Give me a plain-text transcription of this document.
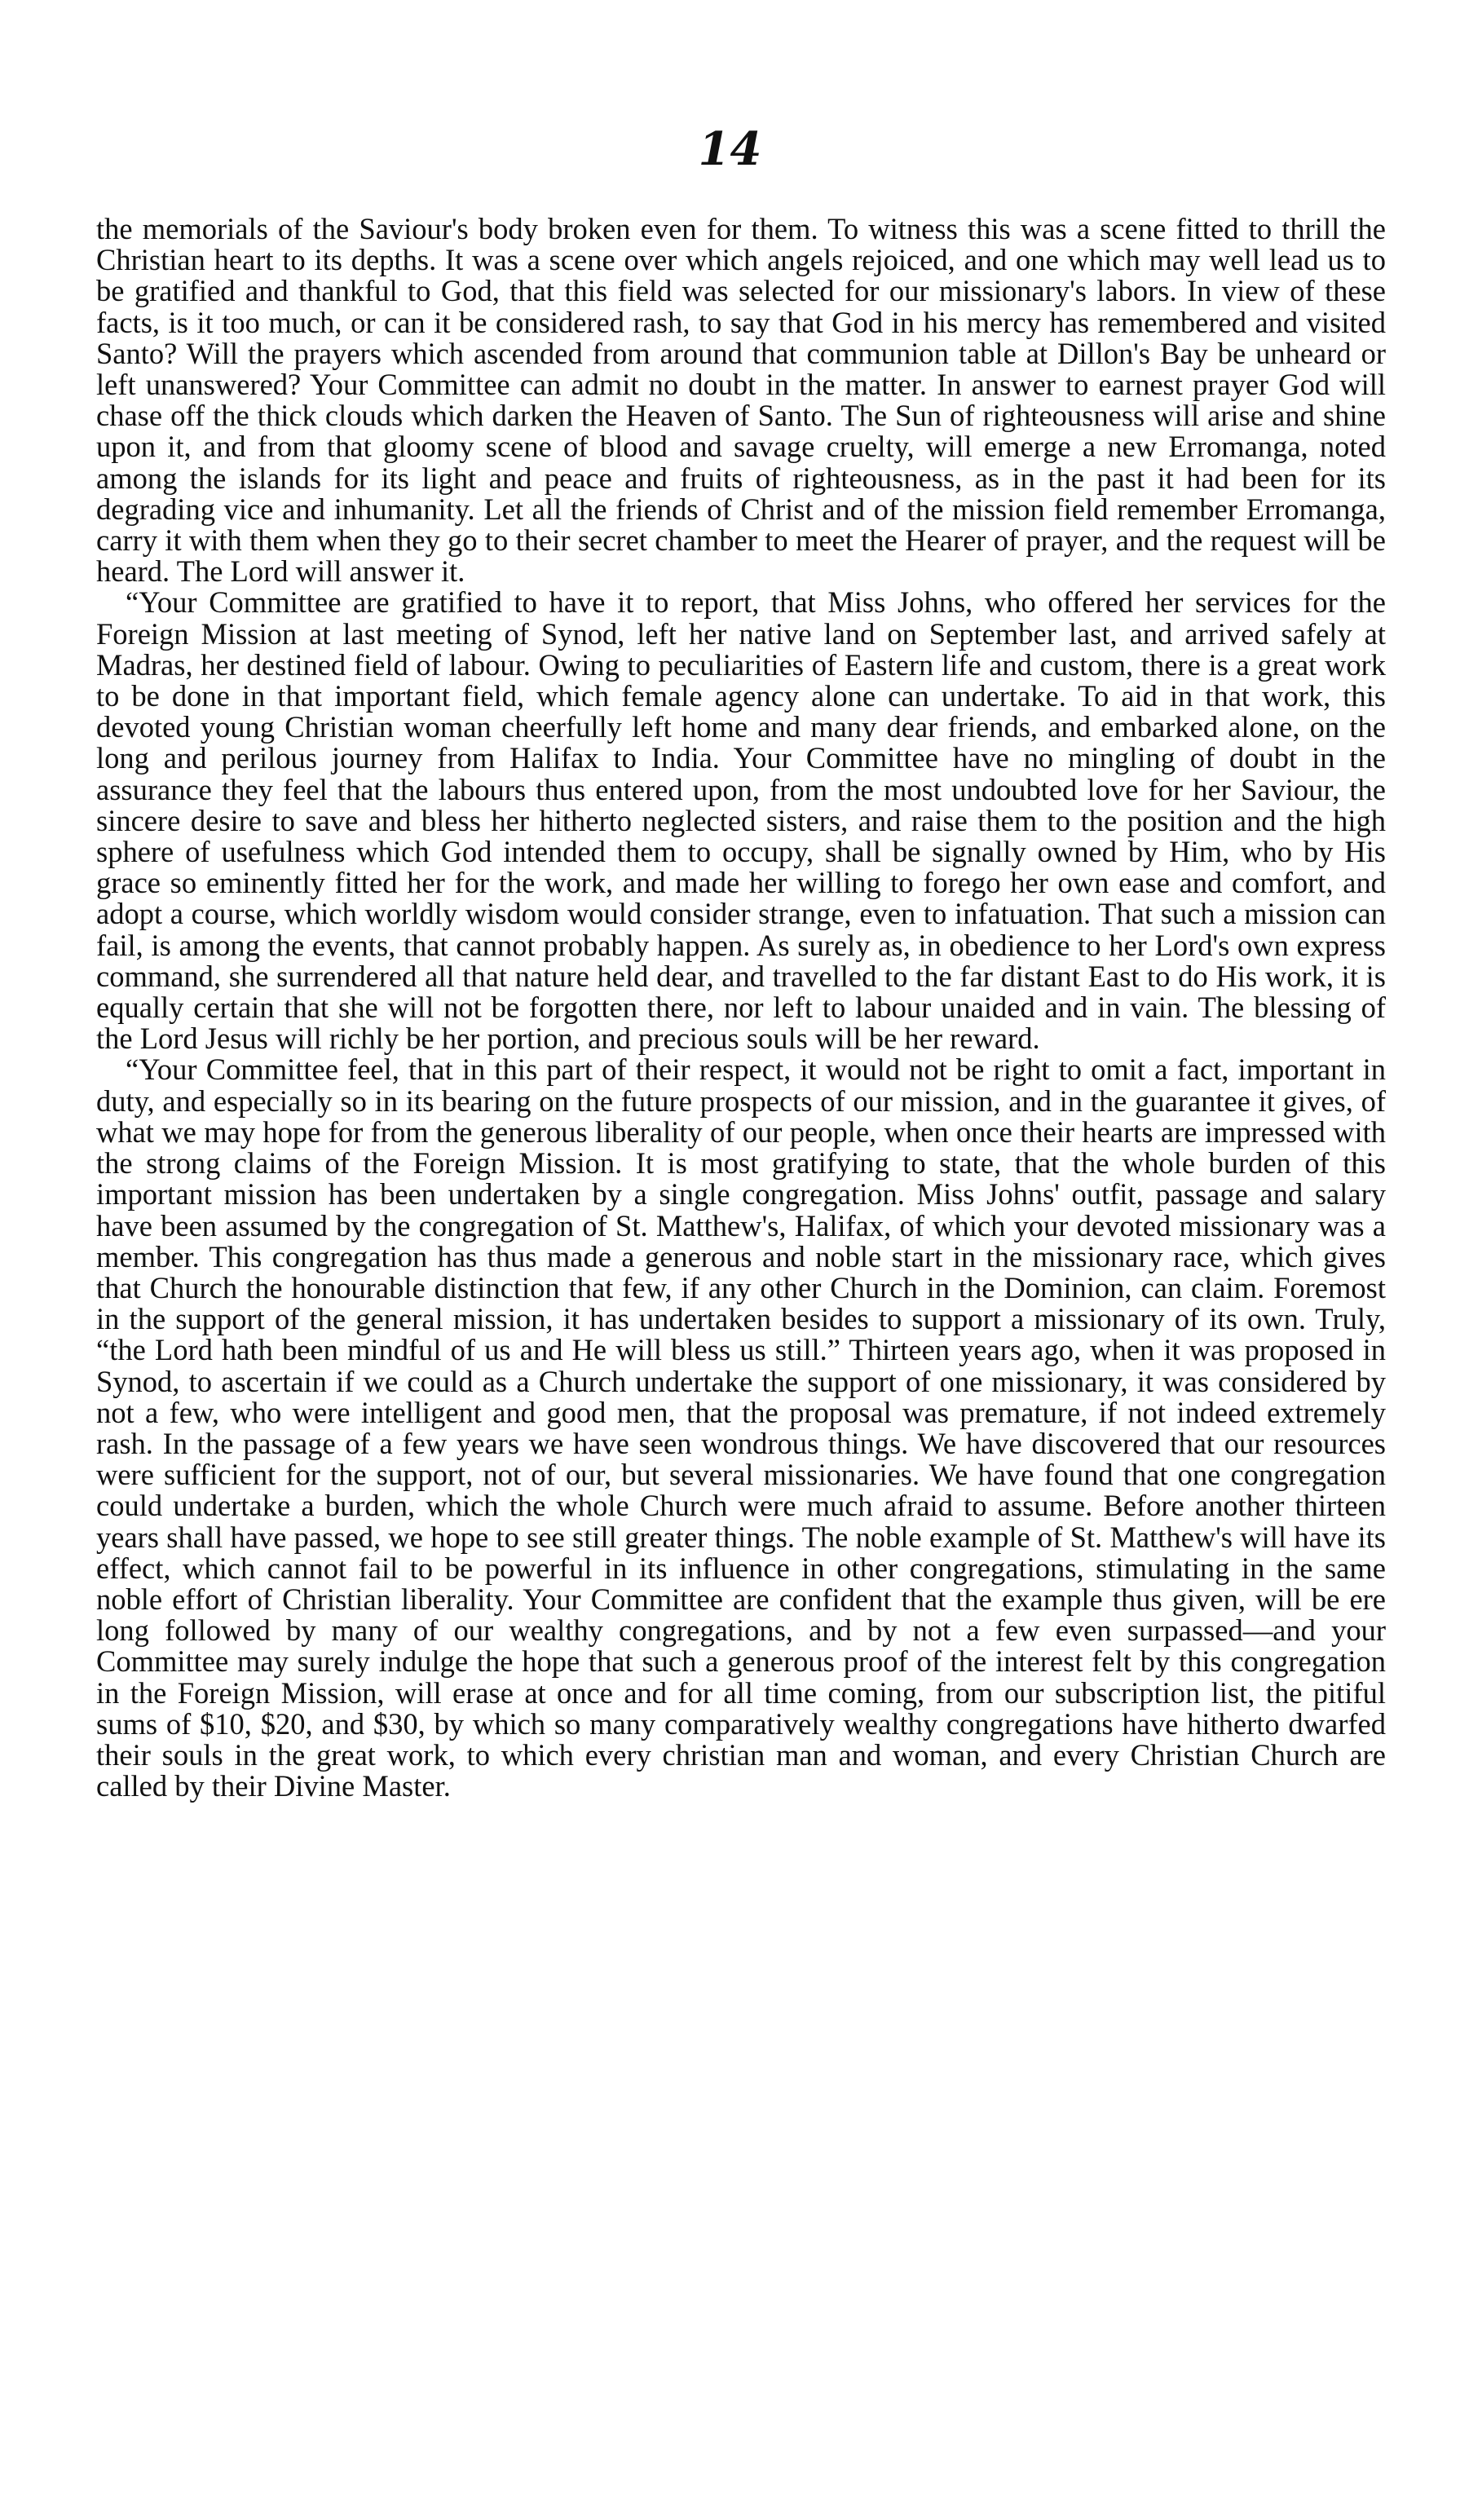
14

the memorials of the Saviour's body broken even for them. To witness this was a scene fitted to thrill the Christian heart to its depths. It was a scene over which angels rejoiced, and one which may well lead us to be gratified and thankful to God, that this field was selected for our missionary's labors. In view of these facts, is it too much, or can it be considered rash, to say that God in his mercy has remembered and visited Santo? Will the prayers which ascended from around that communion table at Dillon's Bay be unheard or left unanswered? Your Committee can admit no doubt in the matter. In answer to earnest prayer God will chase off the thick clouds which darken the Heaven of Santo. The Sun of righteousness will arise and shine upon it, and from that gloomy scene of blood and savage cruelty, will emerge a new Erromanga, noted among the islands for its light and peace and fruits of righteousness, as in the past it had been for its degrading vice and inhumanity. Let all the friends of Christ and of the mission field remember Erromanga, carry it with them when they go to their secret chamber to meet the Hearer of prayer, and the request will be heard. The Lord will answer it.

“Your Committee are gratified to have it to report, that Miss Johns, who offered her services for the Foreign Mission at last meeting of Synod, left her native land on September last, and arrived safely at Madras, her destined field of labour. Owing to peculiarities of Eastern life and custom, there is a great work to be done in that important field, which female agency alone can undertake. To aid in that work, this devoted young Christian woman cheerfully left home and many dear friends, and embarked alone, on the long and perilous journey from Halifax to India. Your Committee have no mingling of doubt in the assurance they feel that the labours thus entered upon, from the most undoubted love for her Saviour, the sincere desire to save and bless her hitherto neglected sisters, and raise them to the position and the high sphere of usefulness which God intended them to occupy, shall be signally owned by Him, who by His grace so eminently fitted her for the work, and made her willing to forego her own ease and comfort, and adopt a course, which worldly wisdom would consider strange, even to infatuation. That such a mission can fail, is among the events, that cannot probably happen. As surely as, in obedience to her Lord's own express command, she surrendered all that nature held dear, and travelled to the far distant East to do His work, it is equally certain that she will not be forgotten there, nor left to labour unaided and in vain. The blessing of the Lord Jesus will richly be her portion, and precious souls will be her reward.

“Your Committee feel, that in this part of their respect, it would not be right to omit a fact, important in duty, and especially so in its bearing on the future prospects of our mission, and in the guarantee it gives, of what we may hope for from the generous liberality of our people, when once their hearts are impressed with the strong claims of the Foreign Mission. It is most gratifying to state, that the whole burden of this important mission has been undertaken by a single congregation. Miss Johns' outfit, passage and salary have been assumed by the congregation of St. Matthew's, Halifax, of which your devoted missionary was a member. This congregation has thus made a generous and noble start in the missionary race, which gives that Church the honourable distinction that few, if any other Church in the Dominion, can claim. Foremost in the support of the general mission, it has undertaken besides to support a missionary of its own. Truly, “the Lord hath been mindful of us and He will bless us still.” Thirteen years ago, when it was proposed in Synod, to ascertain if we could as a Church undertake the support of one missionary, it was considered by not a few, who were intelligent and good men, that the proposal was premature, if not indeed extremely rash. In the passage of a few years we have seen wondrous things. We have discovered that our resources were sufficient for the support, not of our, but several missionaries. We have found that one congregation could undertake a burden, which the whole Church were much afraid to assume. Before another thirteen years shall have passed, we hope to see still greater things. The noble example of St. Matthew's will have its effect, which cannot fail to be powerful in its influence in other congregations, stimulating in the same noble effort of Christian liberality. Your Committee are confident that the example thus given, will be ere long followed by many of our wealthy congregations, and by not a few even surpassed—and your Committee may surely indulge the hope that such a generous proof of the interest felt by this congregation in the Foreign Mission, will erase at once and for all time coming, from our subscription list, the pitiful sums of $10, $20, and $30, by which so many comparatively wealthy congregations have hitherto dwarfed their souls in the great work, to which every christian man and woman, and every Christian Church are called by their Divine Master.
